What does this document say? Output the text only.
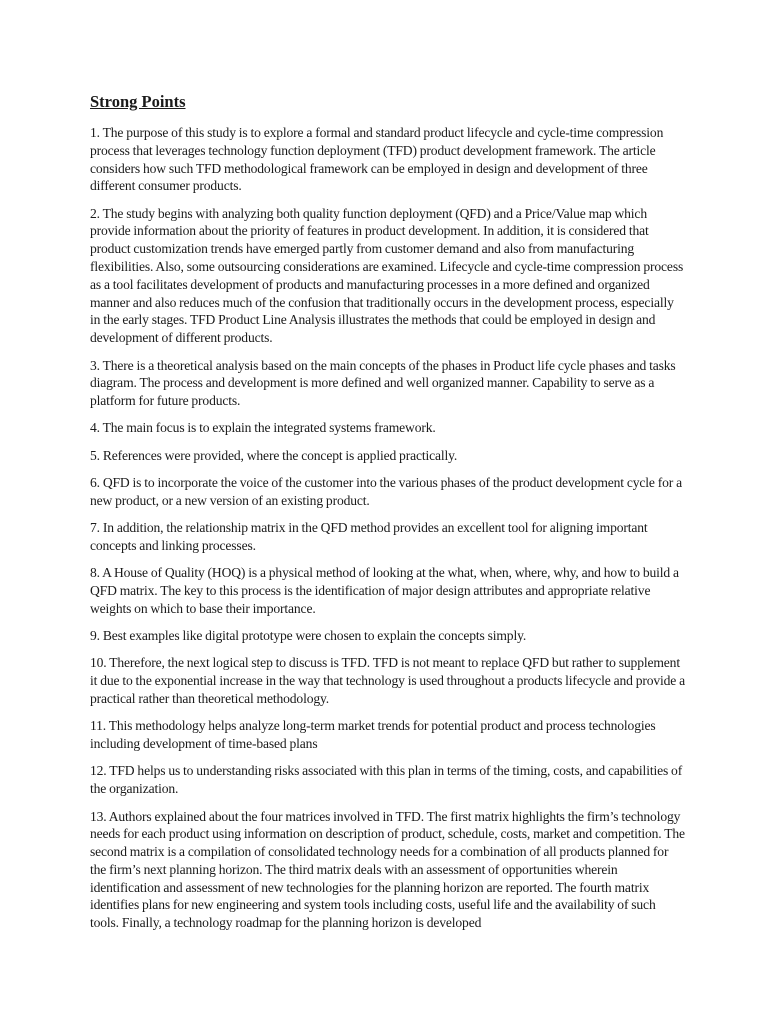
Strong Points

1. The purpose of this study is to explore a formal and standard product lifecycle and cycle-time compression process that leverages technology function deployment (TFD) product development framework. The article considers how such TFD methodological framework can be employed in design and development of three different consumer products.

2. The study begins with analyzing both quality function deployment (QFD) and a Price/Value map which provide information about the priority of features in product development. In addition, it is considered that product customization trends have emerged partly from customer demand and also from manufacturing flexibilities. Also, some outsourcing considerations are examined. Lifecycle and cycle-time compression process as a tool facilitates development of products and manufacturing processes in a more defined and organized manner and also reduces much of the confusion that traditionally occurs in the development process, especially in the early stages. TFD Product Line Analysis illustrates the methods that could be employed in design and development of different products.

3. There is a theoretical analysis based on the main concepts of the phases in Product life cycle phases and tasks diagram. The process and development is more defined and well organized manner. Capability to serve as a platform for future products.

4. The main focus is to explain the integrated systems framework.

5. References were provided, where the concept is applied practically.

6. QFD is to incorporate the voice of the customer into the various phases of the product development cycle for a new product, or a new version of an existing product.

7. In addition, the relationship matrix in the QFD method provides an excellent tool for aligning important concepts and linking processes.

8. A House of Quality (HOQ) is a physical method of looking at the what, when, where, why, and how to build a QFD matrix. The key to this process is the identification of major design attributes and appropriate relative weights on which to base their importance.

9. Best examples like digital prototype were chosen to explain the concepts simply.

10. Therefore, the next logical step to discuss is TFD. TFD is not meant to replace QFD but rather to supplement it due to the exponential increase in the way that technology is used throughout a products lifecycle and provide a practical rather than theoretical methodology.

11. This methodology helps analyze long-term market trends for potential product and process technologies including development of time-based plans

12. TFD helps us to understanding risks associated with this plan in terms of the timing, costs, and capabilities of the organization.

13. Authors explained about the four matrices involved in TFD. The first matrix highlights the firm’s technology needs for each product using information on description of product, schedule, costs, market and competition. The second matrix is a compilation of consolidated technology needs for a combination of all products planned for the firm’s next planning horizon. The third matrix deals with an assessment of opportunities wherein identification and assessment of new technologies for the planning horizon are reported. The fourth matrix identifies plans for new engineering and system tools including costs, useful life and the availability of such tools. Finally, a technology roadmap for the planning horizon is developed
